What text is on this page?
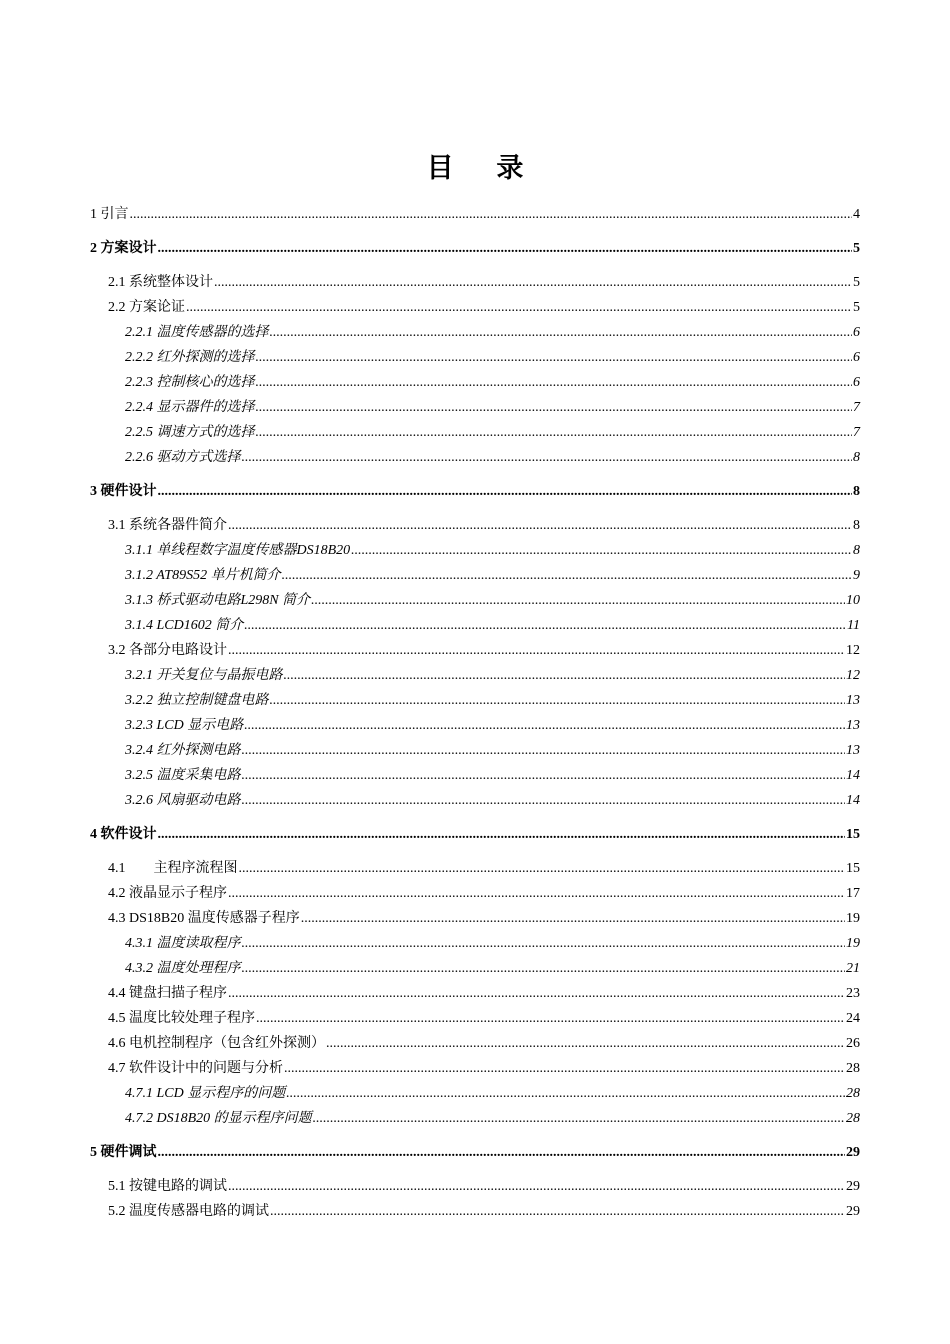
目 录
1 引言 .....	4
2 方案设计 .....	5
2.1 系统整体设计 .....	5
2.2 方案论证 .....	5
2.2.1 温度传感器的选择 .....	6
2.2.2 红外探测的选择 .....	6
2.2.3 控制核心的选择 .....	6
2.2.4 显示器件的选择 .....	7
2.2.5 调速方式的选择 .....	7
2.2.6 驱动方式选择 .....	8
3 硬件设计 .....	8
3.1 系统各器件简介 .....	8
3.1.1 单线程数字温度传感器DS18B20 .....	8
3.1.2 AT89S52 单片机简介 .....	9
3.1.3 桥式驱动电路L298N 简介 .....	10
3.1.4 LCD1602 简介 .....	11
3.2 各部分电路设计 .....	12
3.2.1 开关复位与晶振电路 .....	12
3.2.2 独立控制键盘电路 .....	13
3.2.3 LCD 显示电路 .....	13
3.2.4 红外探测电路 .....	13
3.2.5 温度采集电路 .....	14
3.2.6 风扇驱动电路 .....	14
4 软件设计 .....	15
4.1 主程序流程图 .....	15
4.2 液晶显示子程序 .....	17
4.3 DS18B20 温度传感器子程序 .....	19
4.3.1 温度读取程序 .....	19
4.3.2 温度处理程序 .....	21
4.4 键盘扫描子程序 .....	23
4.5 温度比较处理子程序 .....	24
4.6 电机控制程序（包含红外探测） .....	26
4.7 软件设计中的问题与分析 .....	28
4.7.1 LCD 显示程序的问题 .....	28
4.7.2 DS18B20 的显示程序问题 .....	28
5 硬件调试 .....	29
5.1 按键电路的调试 .....	29
5.2 温度传感器电路的调试 .....	29
